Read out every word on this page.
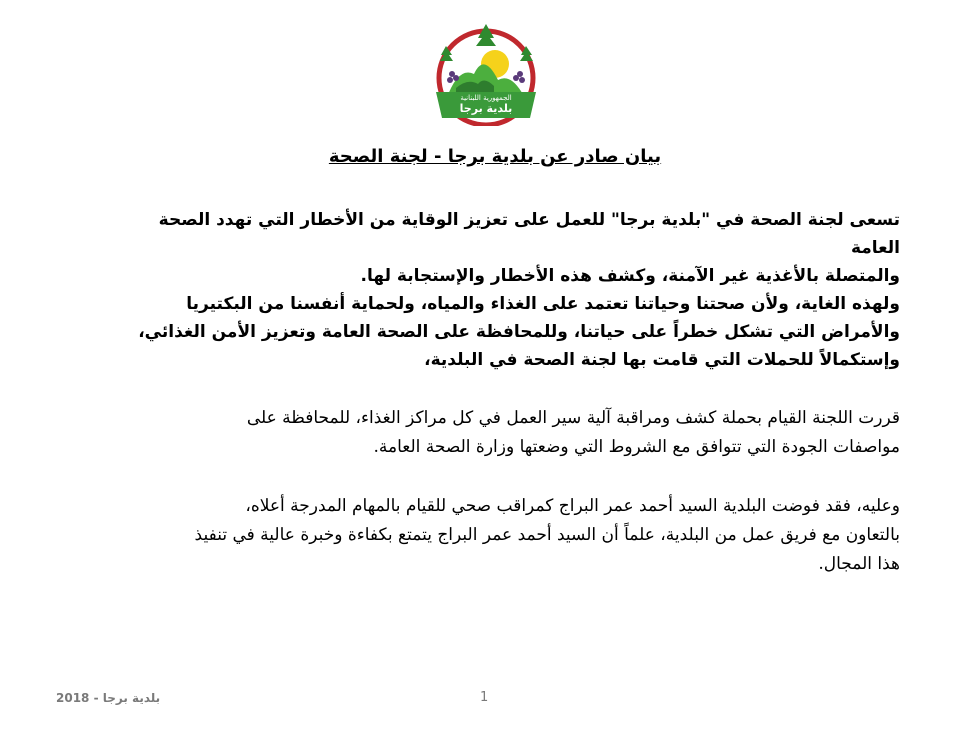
الجمهورية اللبنانية
بلدية برجا
بيان صادر عن بلدية برجا - لجنة الصحة

تسعى لجنة الصحة في "بلدية برجا" للعمل على تعزيز الوقاية من الأخطار التي تهدد الصحة العامة

والمتصلة بالأغذية غير الآمنة، وكشف هذه الأخطار والإستجابة لها.

ولهذه الغاية، ولأن صحتنا وحياتنا تعتمد على الغذاء والمياه، ولحماية أنفسنا من البكتيريا

والأمراض التي تشكل خطراً على حياتنا، وللمحافظة على الصحة العامة وتعزيز الأمن الغذائي،

وإستكمالاً للحملات التي قامت بها لجنة الصحة في البلدية،

قررت اللجنة القيام بحملة كشف ومراقبة آلية سير العمل في كل مراكز الغذاء، للمحافظة على

مواصفات الجودة التي تتوافق مع الشروط التي وضعتها وزارة الصحة العامة.

وعليه، فقد فوضت البلدية السيد أحمد عمر البراج كمراقب صحي للقيام بالمهام المدرجة أعلاه،

بالتعاون مع فريق عمل من البلدية، علماً أن السيد أحمد عمر البراج يتمتع بكفاءة وخبرة عالية في تنفيذ

هذا المجال.

بلدية برجا - 2018	1
